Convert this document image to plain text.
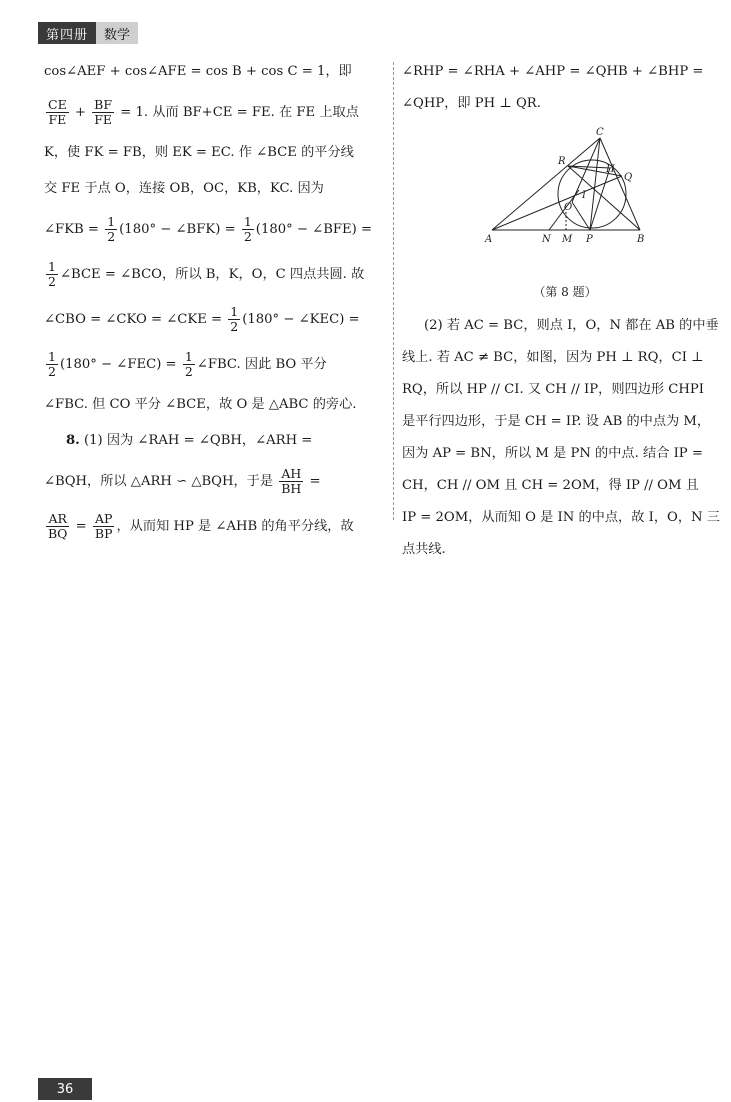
第四册	数学
cos∠AEF + cos∠AFE = cos B + cos C = 1，即
$\frac{CE}{FE} + \frac{BF}{FE} = 1$. 从而 BF+CE = FE. 在 FE 上取点
K，使 FK = FB，则 EK = EC. 作 ∠BCE 的平分线
交 FE 于点 O，连接 OB，OC，KB，KC. 因为
∠FKB = $\frac{1}{2} (180^\circ$ − ∠BFK) = $\frac{1}{2} (180^\circ$ − ∠BFE) =
$\frac{1}{2}$ ∠BCE = ∠BCO，所以 B，K，O，C 四点共圆. 故
∠CBO = ∠CKO = ∠CKE = $\frac{1}{2} (180^\circ$ − ∠KEC) =
$\frac{1}{2} (180^\circ$ − ∠FEC) = $\frac{1}{2}$ ∠FBC. 因此 BO 平分
∠FBC. 但 CO 平分 ∠BCE，故 O 是 △ABC 的旁心.
8. (1) 因为 ∠RAH = ∠QBH，∠ARH =
∠BQH，所以 △ARH ∽ △BQH，于是 $\frac{AH}{BH}$ =
$\frac{AR}{BQ} = \frac{AP}{BP}$ ，从而知 HP 是 ∠AHB 的角平分线，故
∠RHP = ∠RHA + ∠AHP = ∠QHB + ∠BHP =
∠QHP，即 PH ⊥ QR.
C
R
H
Q
I
O
A	N M P	B
（第 8 题）
(2) 若 AC = BC，则点 I，O，N 都在 AB 的中垂
线上. 若 AC ≠ BC，如图，因为 PH ⊥ RQ，CI ⊥
RQ，所以 HP // CI. 又 CH // IP，则四边形 CHPI
是平行四边形，于是 CH = IP. 设 AB 的中点为 M，
因为 AP = BN，所以 M 是 PN 的中点. 结合 IP =
CH，CH // OM 且 CH = 2OM，得 IP // OM 且
IP = 2OM，从而知 O 是 IN 的中点，故 I，O，N 三
点共线.
36
